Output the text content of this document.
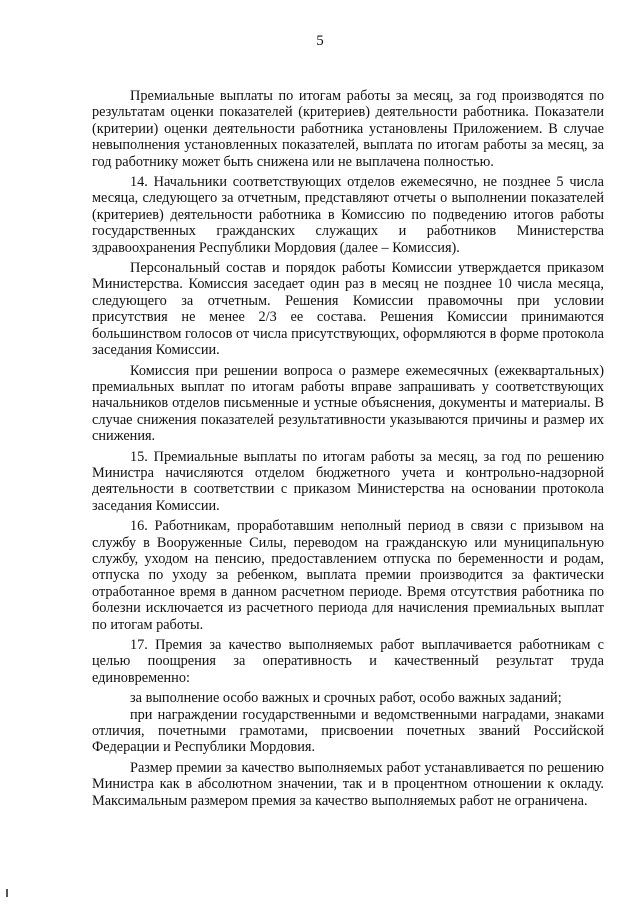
5

Премиальные выплаты по итогам работы за месяц, за год производятся по результатам оценки показателей (критериев) деятельности работника. Показатели (критерии) оценки деятельности работника установлены Приложением. В случае невыполнения установленных показателей, выплата по итогам работы за месяц, за год работнику может быть снижена или не выплачена полностью.

14. Начальники соответствующих отделов ежемесячно, не позднее 5 числа месяца, следующего за отчетным, представляют отчеты о выполнении показателей (критериев) деятельности работника в Комиссию по подведению итогов работы государственных гражданских служащих и работников Министерства здравоохранения Республики Мордовия (далее – Комиссия).

Персональный состав и порядок работы Комиссии утверждается приказом Министерства. Комиссия заседает один раз в месяц не позднее 10 числа месяца, следующего за отчетным. Решения Комиссии правомочны при условии присутствия не менее 2/3 ее состава. Решения Комиссии принимаются большинством голосов от числа присутствующих, оформляются в форме протокола заседания Комиссии.

Комиссия при решении вопроса о размере ежемесячных (ежеквартальных) премиальных выплат по итогам работы вправе запрашивать у соответствующих начальников отделов письменные и устные объяснения, документы и материалы. В случае снижения показателей результативности указываются причины и размер их снижения.

15. Премиальные выплаты по итогам работы за месяц, за год по решению Министра начисляются отделом бюджетного учета и контрольно-надзорной деятельности в соответствии с приказом Министерства на основании протокола заседания Комиссии.

16. Работникам, проработавшим неполный период в связи с призывом на службу в Вооруженные Силы, переводом на гражданскую или муниципальную службу, уходом на пенсию, предоставлением отпуска по беременности и родам, отпуска по уходу за ребенком, выплата премии производится за фактически отработанное время в данном расчетном периоде. Время отсутствия работника по болезни исключается из расчетного периода для начисления премиальных выплат по итогам работы.

17. Премия за качество выполняемых работ выплачивается работникам с целью поощрения за оперативность и качественный результат труда единовременно:

за выполнение особо важных и срочных работ, особо важных заданий;

при награждении государственными и ведомственными наградами, знаками отличия, почетными грамотами, присвоении почетных званий Российской Федерации и Республики Мордовия.

Размер премии за качество выполняемых работ устанавливается по решению Министра как в абсолютном значении, так и в процентном отношении к окладу. Максимальным размером премия за качество выполняемых работ не ограничена.
